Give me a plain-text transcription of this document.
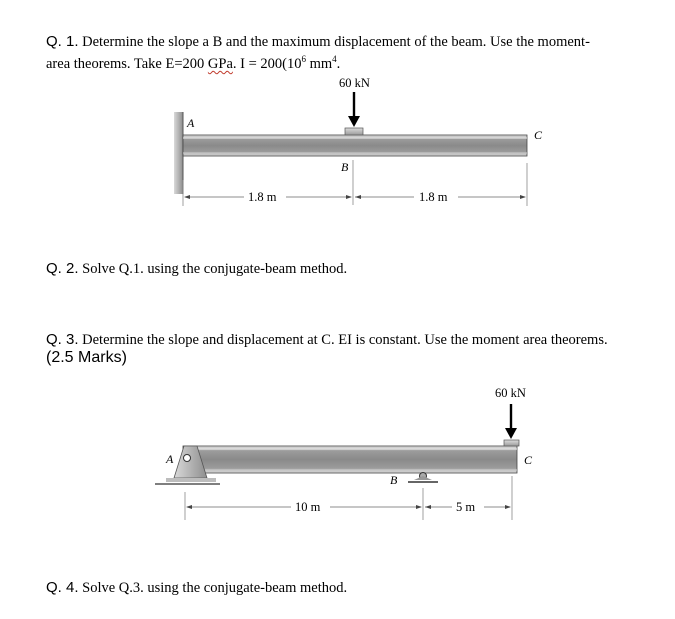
Q. 1. Determine the slope a B and the maximum displacement of the beam. Use the moment-
area theorems. Take E=200 GPa. $I = 200(10^6$ $mm^4$.
60 kN
A
C
B
1.8 m	1.8 m
60 kN
A	C
B
10 m	5 m
Q. 2. Solve Q.1. using the conjugate-beam method.
Q. 3. Determine the slope and displacement at C. EI is constant. Use the moment area theorems.
(2.5 Marks)
Q. 4. Solve Q.3. using the conjugate-beam method.
